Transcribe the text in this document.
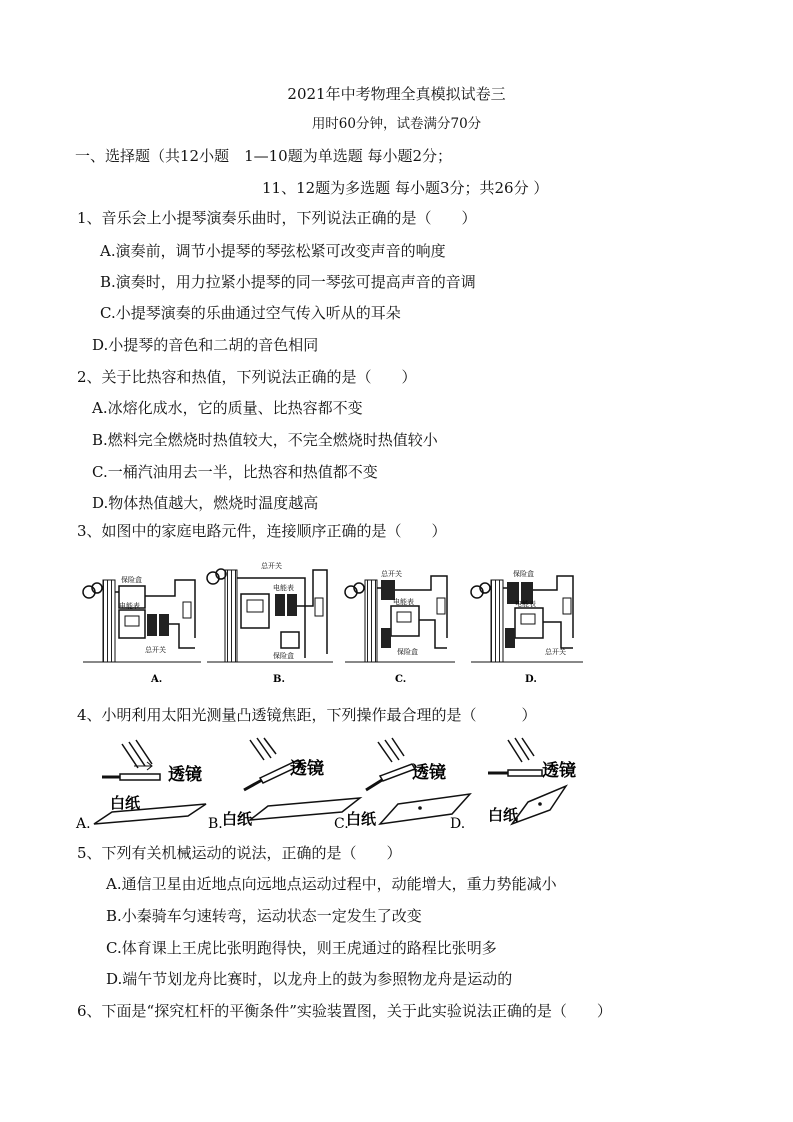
2021年中考物理全真模拟试卷三
用时60分钟，试卷满分70分
一、选择题（共12小题　1—10题为单选题 每小题2分；
11、12题为多选题 每小题3分；共26分 ）
1、音乐会上小提琴演奏乐曲时，下列说法正确的是（　　）
A.演奏前，调节小提琴的琴弦松紧可改变声音的响度
B.演奏时，用力拉紧小提琴的同一琴弦可提高声音的音调
C.小提琴演奏的乐曲通过空气传入听从的耳朵
D.小提琴的音色和二胡的音色相同
2、关于比热容和热值，下列说法正确的是（　　）
A.冰熔化成水，它的质量、比热容都不变
B.燃料完全燃烧时热值较大，不完全燃烧时热值较小
C.一桶汽油用去一半，比热容和热值都不变
D.物体热值越大，燃烧时温度越高
3、如图中的家庭电路元件，连接顺序正确的是（　　）
保险盒
电能表
总开关
A.
总开关
电能表
保险盒
B.
总开关
电能表
保险盒
C.
保险盒
电能表
总开关
D.
4、小明利用太阳光测量凸透镜焦距，下列操作最合理的是（　　　）
透镜
白纸
A.
透镜
白纸
B.
透镜
白纸
C.
透镜
白纸
D.
5、下列有关机械运动的说法，正确的是（　　）
A.通信卫星由近地点向远地点运动过程中，动能增大，重力势能减小
B.小秦骑车匀速转弯，运动状态一定发生了改变
C.体育课上王虎比张明跑得快，则王虎通过的路程比张明多
D.端午节划龙舟比赛时，以龙舟上的鼓为参照物龙舟是运动的
6、下面是“探究杠杆的平衡条件”实验装置图，关于此实验说法正确的是（　　）
